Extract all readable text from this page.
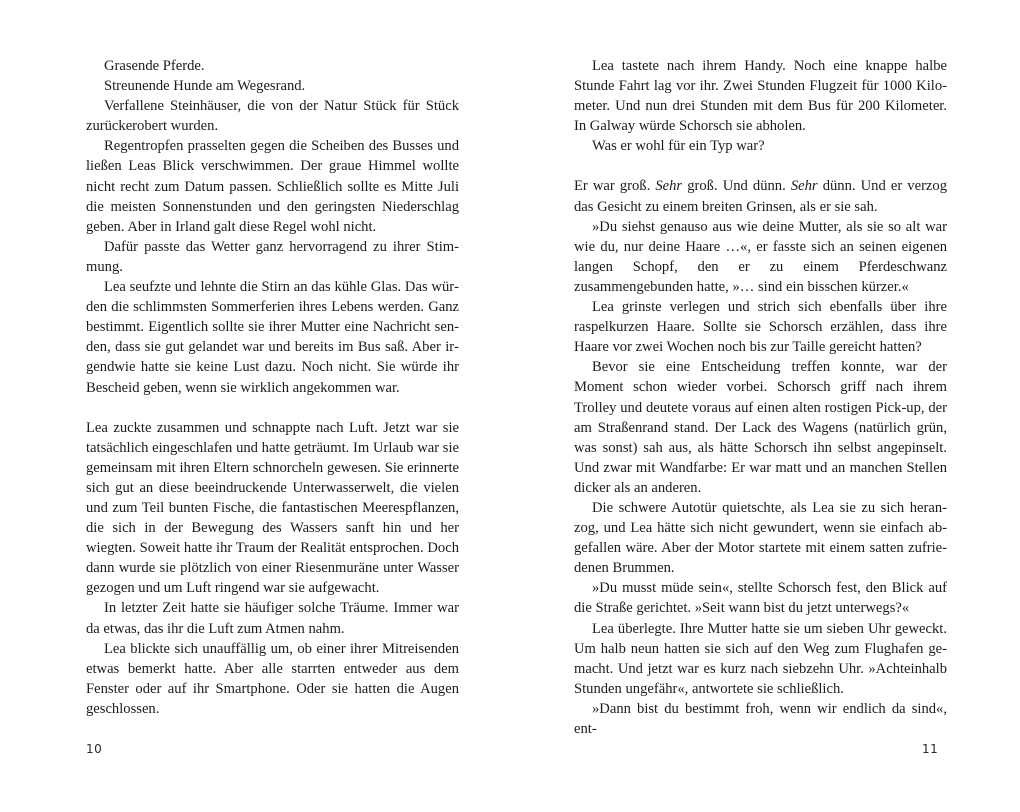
Grasende Pferde.

Streunende Hunde am Wegesrand.

Verfallene Steinhäuser, die von der Natur Stück für Stück zurückerobert wurden.

Regentropfen prasselten gegen die Scheiben des Busses und ließen Leas Blick verschwimmen. Der graue Himmel wollte nicht recht zum Datum passen. Schließlich sollte es Mitte Juli die meisten Sonnenstunden und den geringsten Niederschlag geben. Aber in Irland galt diese Regel wohl nicht.

Dafür passte das Wetter ganz hervorragend zu ihrer Stimmung.

Lea seufzte und lehnte die Stirn an das kühle Glas. Das würden die schlimmsten Sommerferien ihres Lebens werden. Ganz bestimmt. Eigentlich sollte sie ihrer Mutter eine Nachricht senden, dass sie gut gelandet war und bereits im Bus saß. Aber irgendwie hatte sie keine Lust dazu. Noch nicht. Sie würde ihr Bescheid geben, wenn sie wirklich angekommen war.

Lea zuckte zusammen und schnappte nach Luft. Jetzt war sie tatsächlich eingeschlafen und hatte geträumt. Im Urlaub war sie gemeinsam mit ihren Eltern schnorcheln gewesen. Sie erinnerte sich gut an diese beeindruckende Unterwasserwelt, die vielen und zum Teil bunten Fische, die fantastischen Meerespflanzen, die sich in der Bewegung des Wassers sanft hin und her wiegten. Soweit hatte ihr Traum der Realität entsprochen. Doch dann wurde sie plötzlich von einer Riesenmuräne unter Wasser gezogen und um Luft ringend war sie aufgewacht.

In letzter Zeit hatte sie häufiger solche Träume. Immer war da etwas, das ihr die Luft zum Atmen nahm.

Lea blickte sich unauffällig um, ob einer ihrer Mitreisenden etwas bemerkt hatte. Aber alle starrten entweder aus dem Fenster oder auf ihr Smartphone. Oder sie hatten die Augen geschlossen.

Lea tastete nach ihrem Handy. Noch eine knappe halbe Stunde Fahrt lag vor ihr. Zwei Stunden Flugzeit für 1000 Kilometer. Und nun drei Stunden mit dem Bus für 200 Kilometer. In Galway würde Schorsch sie abholen.

Was er wohl für ein Typ war?

Er war groß. Sehr groß. Und dünn. Sehr dünn. Und er verzog das Gesicht zu einem breiten Grinsen, als er sie sah.

»Du siehst genauso aus wie deine Mutter, als sie so alt war wie du, nur deine Haare …«, er fasste sich an seinen eigenen langen Schopf, den er zu einem Pferdeschwanz zusammengebunden hatte, »… sind ein bisschen kürzer.«

Lea grinste verlegen und strich sich ebenfalls über ihre raspelkurzen Haare. Sollte sie Schorsch erzählen, dass ihre Haare vor zwei Wochen noch bis zur Taille gereicht hatten?

Bevor sie eine Entscheidung treffen konnte, war der Moment schon wieder vorbei. Schorsch griff nach ihrem Trolley und deutete voraus auf einen alten rostigen Pick-up, der am Straßenrand stand. Der Lack des Wagens (natürlich grün, was sonst) sah aus, als hätte Schorsch ihn selbst angepinselt. Und zwar mit Wandfarbe: Er war matt und an manchen Stellen dicker als an anderen.

Die schwere Autotür quietschte, als Lea sie zu sich heranzog, und Lea hätte sich nicht gewundert, wenn sie einfach abgefallen wäre. Aber der Motor startete mit einem satten zufriedenen Brummen.

»Du musst müde sein«, stellte Schorsch fest, den Blick auf die Straße gerichtet. »Seit wann bist du jetzt unterwegs?«

Lea überlegte. Ihre Mutter hatte sie um sieben Uhr geweckt. Um halb neun hatten sie sich auf den Weg zum Flughafen gemacht. Und jetzt war es kurz nach siebzehn Uhr. »Achteinhalb Stunden ungefähr«, antwortete sie schließlich.

»Dann bist du bestimmt froh, wenn wir endlich da sind«, ent-

10	11
